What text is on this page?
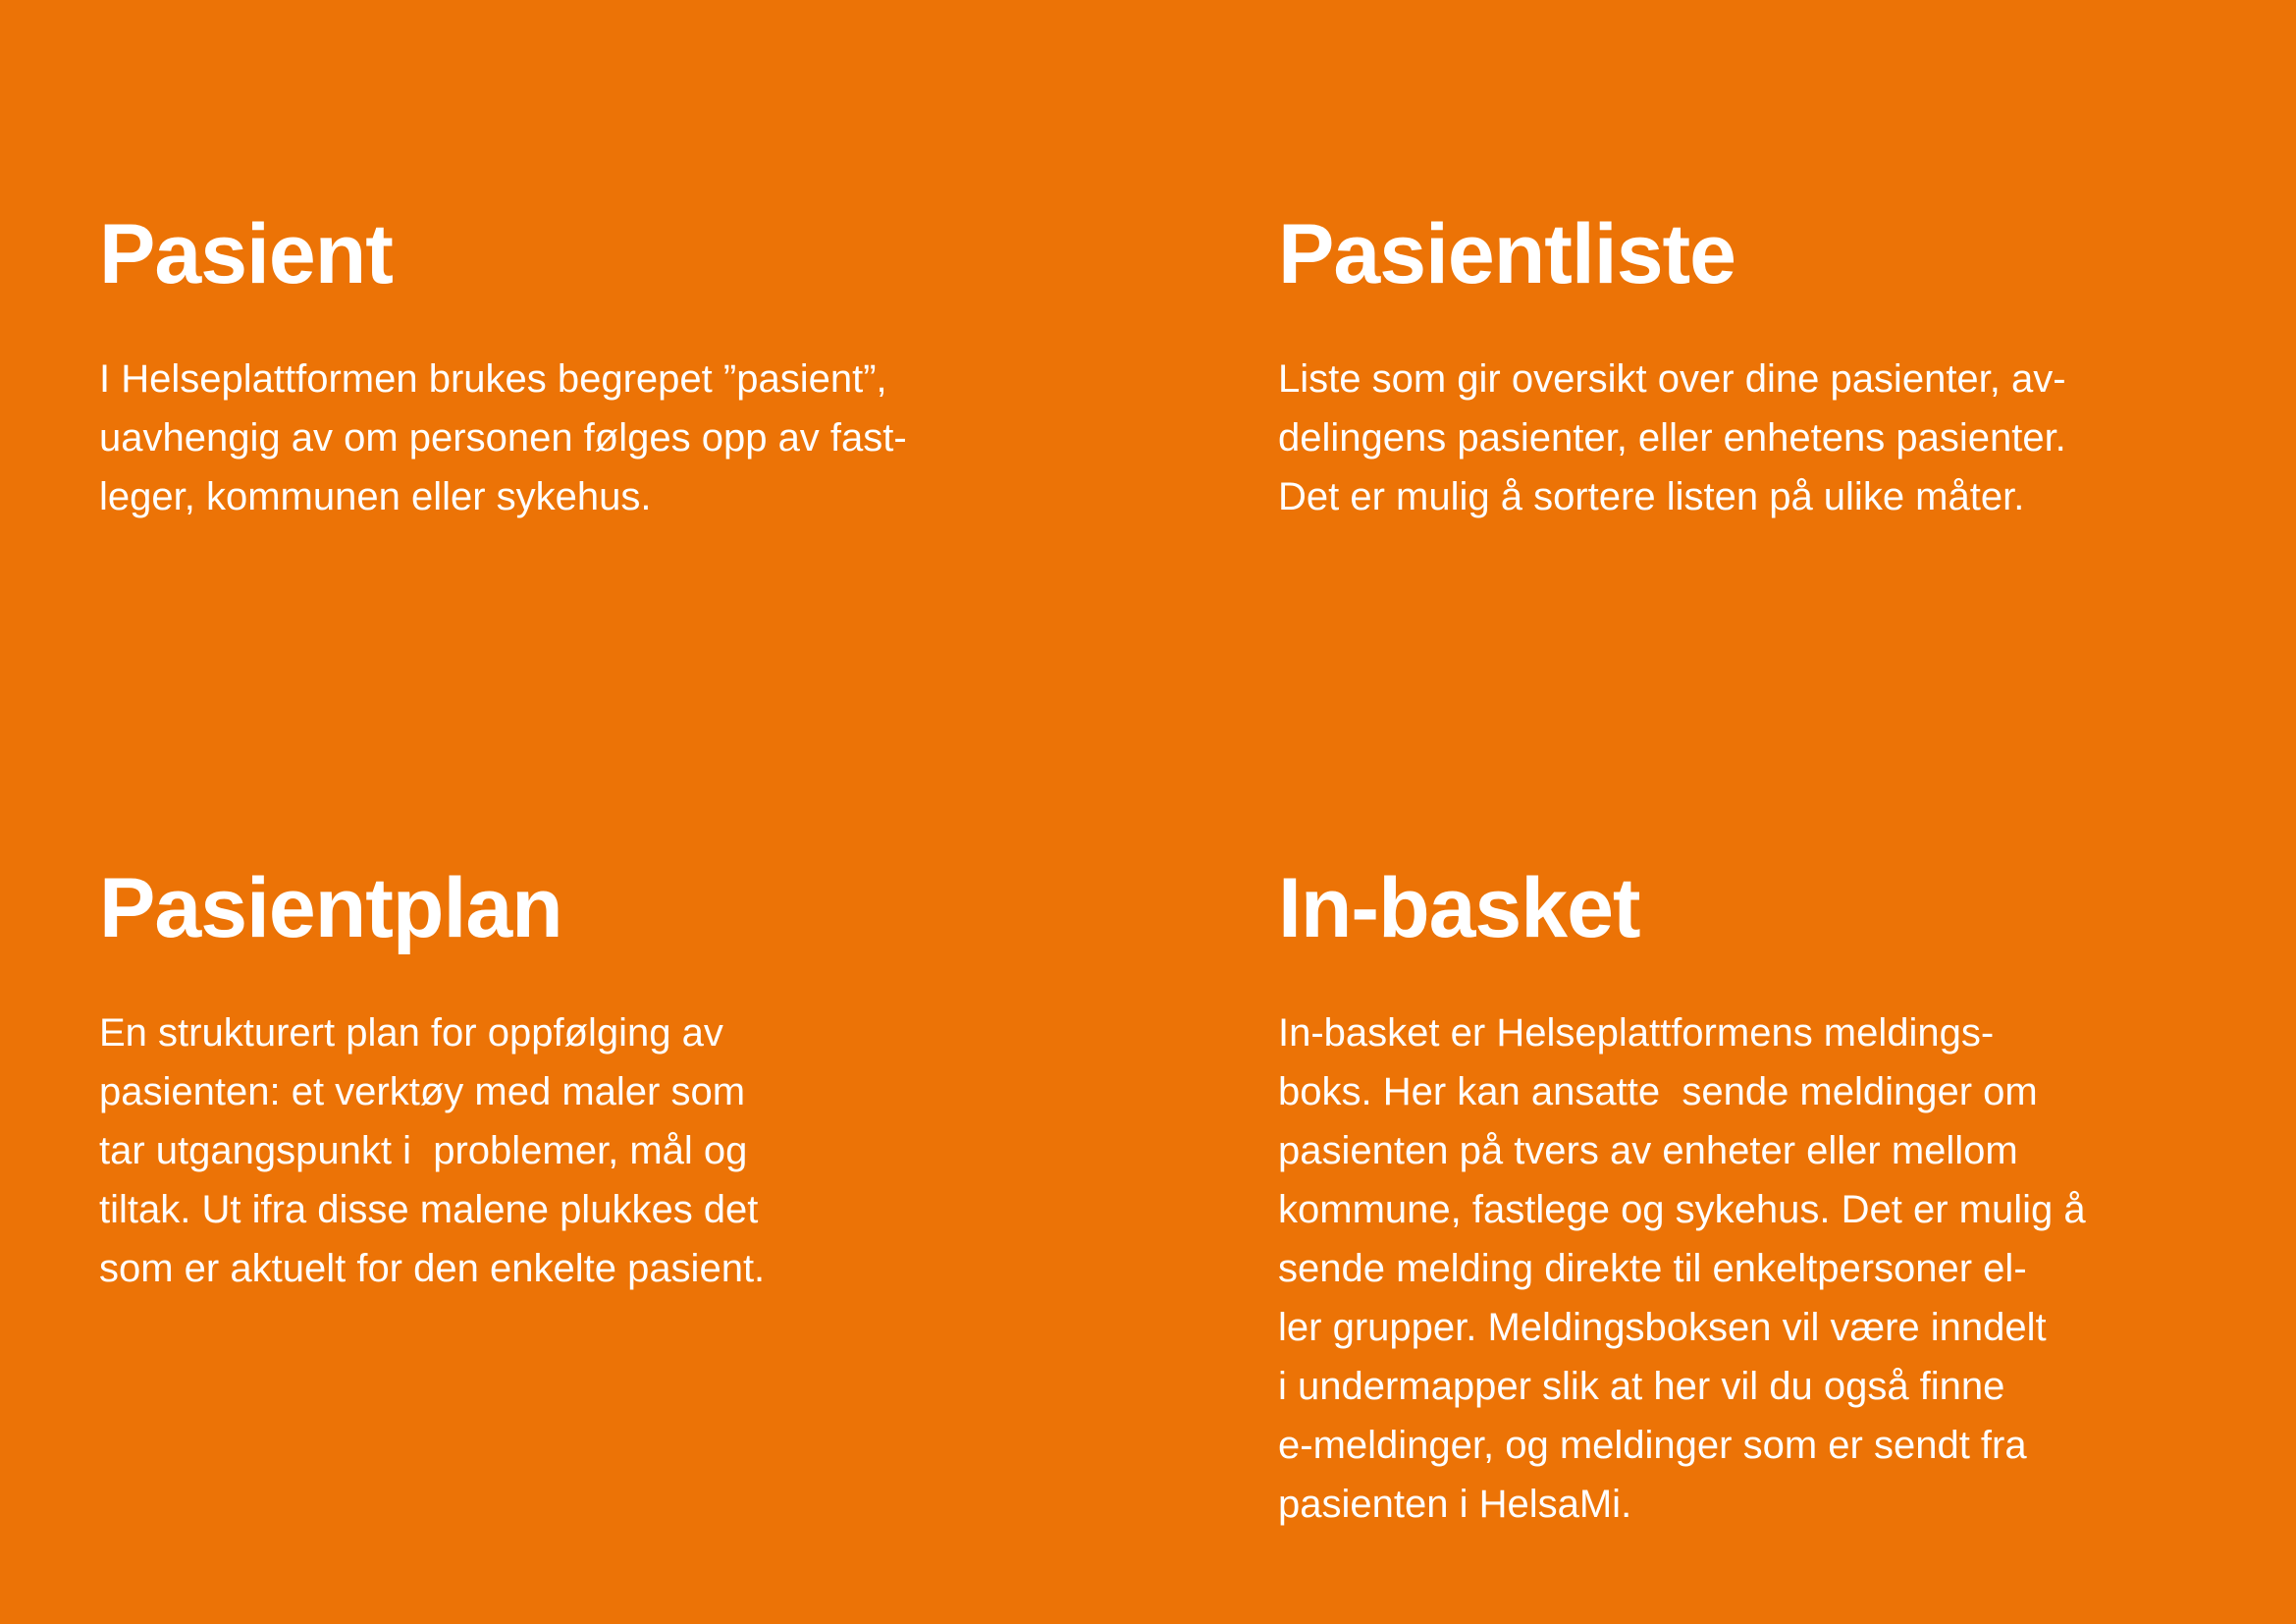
Pasient
I Helseplattformen brukes begrepet ”pasient”,
uavhengig av om personen følges opp av fast-
leger, kommunen eller sykehus.
Pasientliste
Liste som gir oversikt over dine pasienter, av-
delingens pasienter, eller enhetens pasienter.
Det er mulig å sortere listen på ulike måter.
Pasientplan
En strukturert plan for oppfølging av
pasienten: et verktøy med maler som
tar utgangspunkt i  problemer, mål og
tiltak. Ut ifra disse malene plukkes det
som er aktuelt for den enkelte pasient.
In-basket
In-basket er Helseplattformens meldings-
boks. Her kan ansatte  sende meldinger om
pasienten på tvers av enheter eller mellom
kommune, fastlege og sykehus. Det er mulig å
sende melding direkte til enkeltpersoner el-
ler grupper. Meldingsboksen vil være inndelt
i undermapper slik at her vil du også finne
e-meldinger, og meldinger som er sendt fra
pasienten i HelsaMi.
